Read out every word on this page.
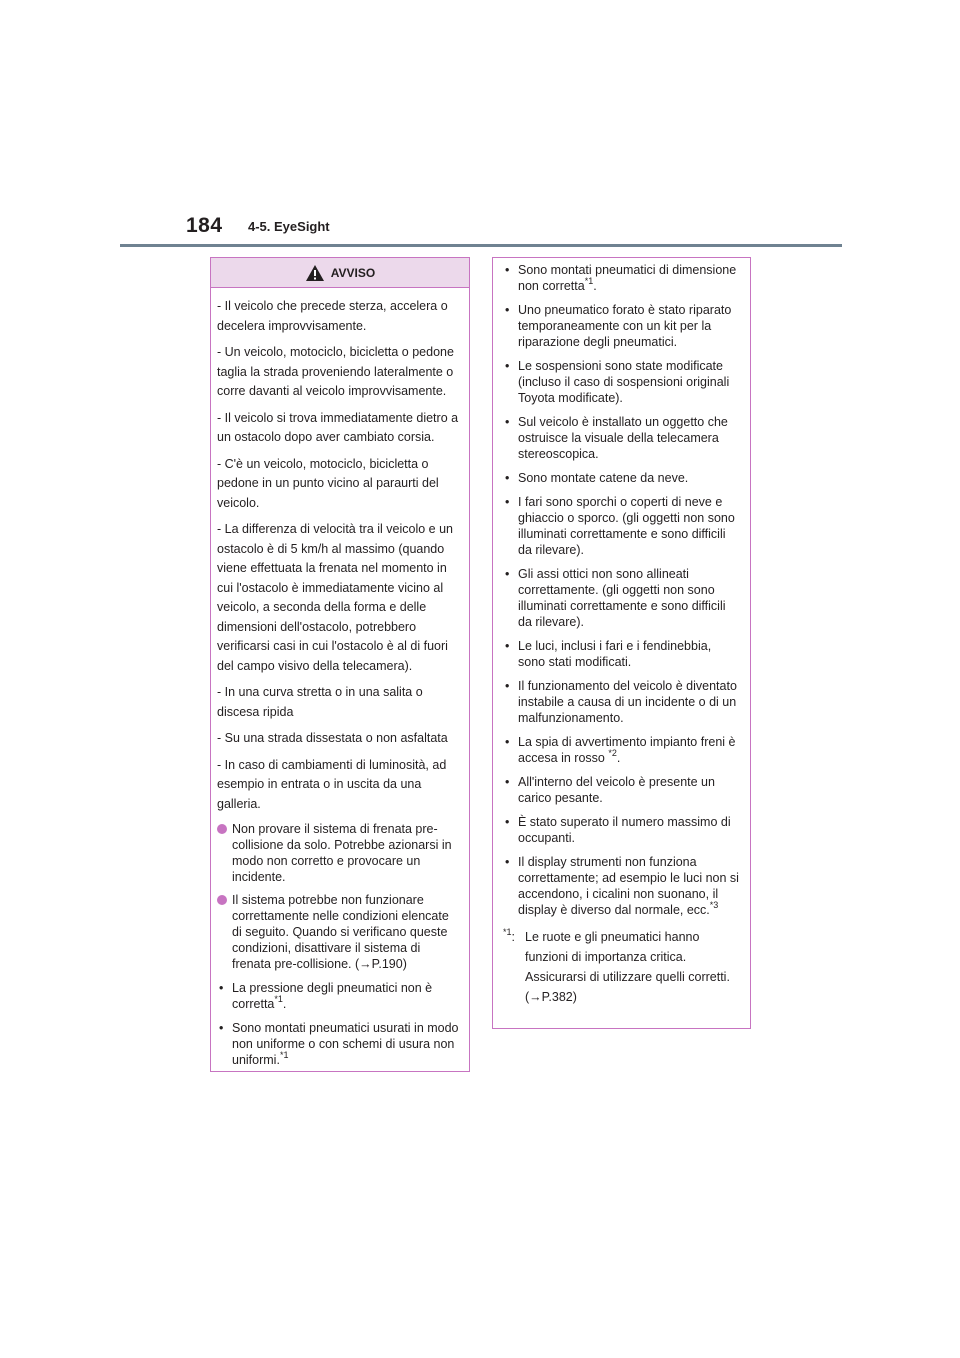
184 4-5. EyeSight
AVVISO

- Il veicolo che precede sterza, accelera o decelera improvvisamente.

- Un veicolo, motociclo, bicicletta o pedone taglia la strada proveniendo lateralmente o corre davanti al veicolo improvvisamente.

- Il veicolo si trova immediatamente dietro a un ostacolo dopo aver cambiato corsia.

- C'è un veicolo, motociclo, bicicletta o pedone in un punto vicino al paraurti del veicolo.

- La differenza di velocità tra il veicolo e un ostacolo è di 5 km/h al massimo (quando viene effettuata la frenata nel momento in cui l'ostacolo è immediatamente vicino al veicolo, a seconda della forma e delle dimensioni dell'ostacolo, potrebbero verificarsi casi in cui l'ostacolo è al di fuori del campo visivo della telecamera).

- In una curva stretta o in una salita o discesa ripida

- Su una strada dissestata o non asfaltata

- In caso di cambiamenti di luminosità, ad esempio in entrata o in uscita da una galleria.

Non provare il sistema di frenata pre-collisione da solo. Potrebbe azionarsi in modo non corretto e provocare un incidente.
Il sistema potrebbe non funzionare correttamente nelle condizioni elencate di seguito. Quando si verificano queste condizioni, disattivare il sistema di frenata pre-collisione. (→P.190)
• La pressione degli pneumatici non è corretta$^{*1}$.
• Sono montati pneumatici usurati in modo non uniforme o con schemi di usura non uniformi.$^{*1}$
• Sono montati pneumatici di dimensione non corretta$^{*1}$.
• Uno pneumatico forato è stato riparato temporaneamente con un kit per la riparazione degli pneumatici.
• Le sospensioni sono state modificate (incluso il caso di sospensioni originali Toyota modificate).
• Sul veicolo è installato un oggetto che ostruisce la visuale della telecamera stereoscopica.
• Sono montate catene da neve.
• I fari sono sporchi o coperti di neve e ghiaccio o sporco. (gli oggetti non sono illuminati correttamente e sono difficili da rilevare).
• Gli assi ottici non sono allineati correttamente. (gli oggetti non sono illuminati correttamente e sono difficili da rilevare).
• Le luci, inclusi i fari e i fendinebbia, sono stati modificati.
• Il funzionamento del veicolo è diventato instabile a causa di un incidente o di un malfunzionamento.
• La spia di avvertimento impianto freni è accesa in rosso $^{*2}$.
• All'interno del veicolo è presente un carico pesante.
• È stato superato il numero massimo di occupanti.
• Il display strumenti non funziona correttamente; ad esempio le luci non si accendono, i cicalini non suonano, il display è diverso dal normale, ecc.$^{*3}$
$^{*1}$: Le ruote e gli pneumatici hanno funzioni di importanza critica. Assicurarsi di utilizzare quelli corretti. (→P.382)
